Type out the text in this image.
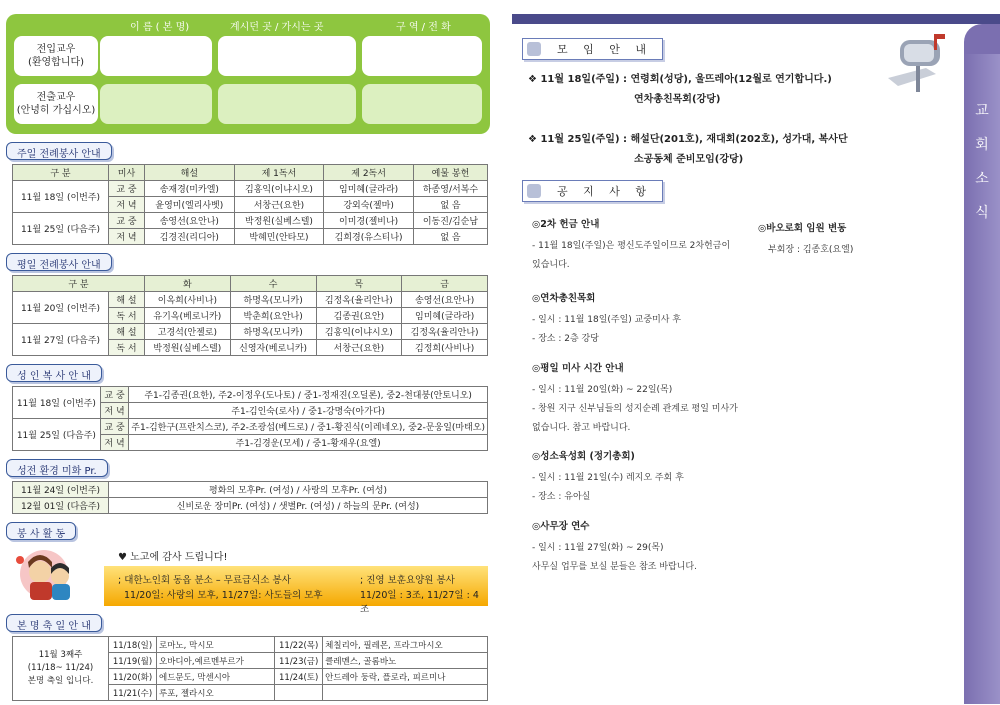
이 름 ( 본 명)	계시던 곳 / 가시는 곳	구 역 / 전 화
전입교우
(환영합니다)
전출교우
(안녕히 가십시오)
주일 전례봉사 안내
구 분	미사	해설	제 1독서	제 2독서	예물 봉헌
11월 18일 (이번주)	교 중	송재경(미카엘)	김홍익(이냐시오)	임미혜(글라라)	하종영/서복수
	저 녁	윤영미(엘리사벳)	서창근(요한)	강외숙(젤마)	없 음
11월 25일 (다음주)	교 중	송영선(요안나)	박정원(실베스텔)	이미경(젤비나)	이동진/김순남
	저 녁	김경진(리디아)	박혜민(안타모)	김희경(유스티나)	없 음
평일 전례봉사 안내
구 분		화	수	목	금
11월 20일 (이번주)	해 설	이옥희(사비나)	하명옥(모니카)	김정옥(율리안나)	송영선(요안나)
	독 서	유기옥(베로니카)	박춘희(요안나)	김종권(요안)	임미혜(글라라)
11월 27일 (다음주)	해 설	고경석(안젤로)	하명옥(모니카)	김홍익(이냐시오)	김정옥(율리안나)
	독 서	박정원(실베스텔)	신영자(베로니카)	서창근(요한)	김정희(사비나)
성 인 복 사 안 내
11월 18일 (이번주)	교 중	주1-김종권(요한), 주2-이정우(도나토) / 중1-정재진(오딜론), 중2-천대붕(안토니오)
	저 녁	주1-김인숙(로사) / 중1-강명숙(아가다)
11월 25일 (다음주)	교 중	주1-김한구(프란치스코), 주2-조광섭(베드로) / 중1-황진식(이레네오), 중2-문웅일(마태오)
	저 녁	주1-김경운(모세) / 중1-황재우(요엘)
성전 환경 미화 Pr.
11월 24일 (이번주)	평화의 모후Pr. (여성) / 사랑의 모후Pr. (여성)
12월 01일 (다음주)	신비로운 장미Pr. (여성) / 샛별Pr. (여성) / 하늘의 문Pr. (여성)
봉 사 활 동
♥ 노고에 감사 드립니다!
; 대한노인회 동읍 분소 – 무료급식소 봉사
11/20일: 사랑의 모후, 11/27일: 사도들의 모후
; 진영 보훈요양원 봉사
11/20일 : 3조, 11/27일 : 4조
본 명 축 일 안 내
11월 3째주
(11/18~ 11/24)
본명 축일 입니다.	11/18(일)	로마노, 막시모	11/22(목)	체칠리아, 필레몬, 프라그마시오
	11/19(월)	오바디아,예르멘부르가	11/23(금)	클레멘스, 골롬바노
	11/20(화)	에드문도, 막센시아	11/24(토)	안드레아 둥락, 플로라, 피르미나
	11/21(수)	루포, 젤라시오		
교
회
소
식
모 임 안 내
❖ 11월 18일(주일) : 연령회(성당), 울뜨레아(12월로 연기합니다.)
연차총친목회(강당)
❖ 11월 25일(주일) : 해설단(201호), 재대회(202호), 성가대, 복사단
소공동체 준비모임(강당)
공 지 사 항
◎2차 헌금 안내
- 11월 18일(주일)은 평신도주일이므로 2차헌금이
있습니다.
◎바오로회 임원 변동
부회장 : 김종호(요엘)
◎연차총친목회
- 일시 : 11월 18일(주일) 교중미사 후
- 장소 : 2층 강당
◎평일 미사 시간 안내
- 일시 : 11월 20일(화) ~ 22일(목)
- 창원 지구 신부님들의 성지순례 관계로 평일 미사가
없습니다. 참고 바랍니다.
◎성소육성회 (정기총회)
- 일시 : 11월 21일(수) 레지오 주회 후
- 장소 : 유아실
◎사무장 연수
- 일시 : 11월 27일(화) ~ 29(목)
사무실 업무를 보실 분들은 참조 바랍니다.
